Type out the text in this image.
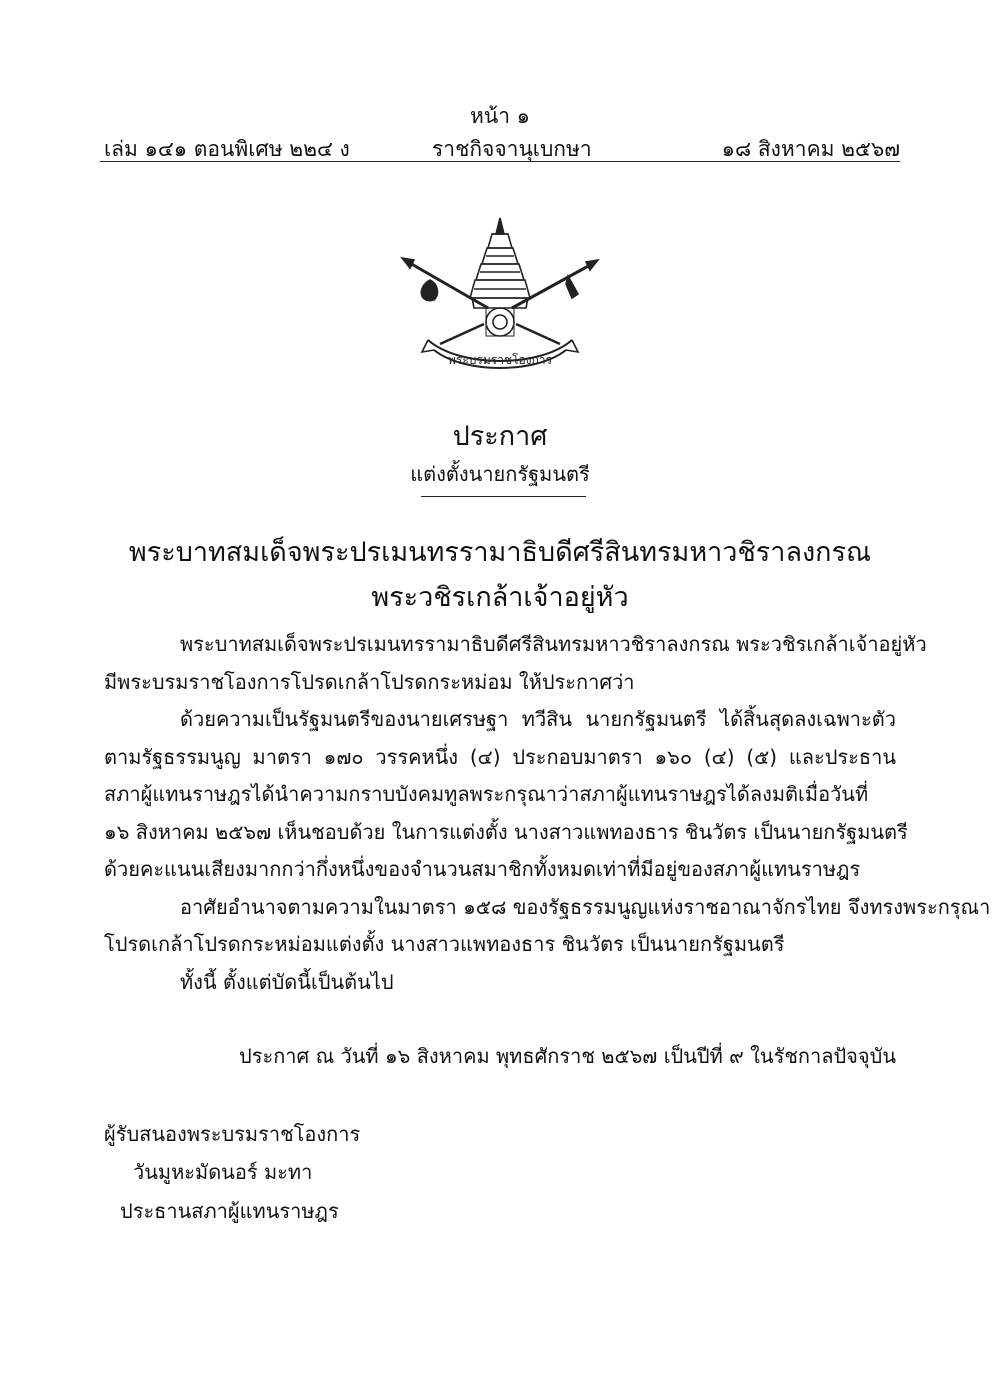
หน้า ๑
เล่ม ๑๔๑ ตอนพิเศษ ๒๒๔ ง	ราชกิจจานุเบกษา	๑๘ สิงหาคม ๒๕๖๗
พระบรมราชโองการ
ประกาศ
แต่งตั้งนายกรัฐมนตรี
พระบาทสมเด็จพระปรเมนทรรามาธิบดีศรีสินทรมหาวชิราลงกรณ
พระวชิรเกล้าเจ้าอยู่หัว
พระบาทสมเด็จพระปรเมนทรรามาธิบดีศรีสินทรมหาวชิราลงกรณ พระวชิรเกล้าเจ้าอยู่หัว
มีพระบรมราชโองการโปรดเกล้าโปรดกระหม่อม ให้ประกาศว่า
ด้วยความเป็นรัฐมนตรีของนายเศรษฐา ทวีสิน นายกรัฐมนตรี ได้สิ้นสุดลงเฉพาะตัว
ตามรัฐธรรมนูญ มาตรา ๑๗๐ วรรคหนึ่ง (๔) ประกอบมาตรา ๑๖๐ (๔) (๕) และประธาน
สภาผู้แทนราษฎรได้นำความกราบบังคมทูลพระกรุณาว่าสภาผู้แทนราษฎรได้ลงมติเมื่อวันที่
๑๖ สิงหาคม ๒๕๖๗ เห็นชอบด้วย ในการแต่งตั้ง นางสาวแพทองธาร ชินวัตร เป็นนายกรัฐมนตรี
ด้วยคะแนนเสียงมากกว่ากึ่งหนึ่งของจำนวนสมาชิกทั้งหมดเท่าที่มีอยู่ของสภาผู้แทนราษฎร
อาศัยอำนาจตามความในมาตรา ๑๕๘ ของรัฐธรรมนูญแห่งราชอาณาจักรไทย จึงทรงพระกรุณา
โปรดเกล้าโปรดกระหม่อมแต่งตั้ง นางสาวแพทองธาร ชินวัตร เป็นนายกรัฐมนตรี
ทั้งนี้ ตั้งแต่บัดนี้เป็นต้นไป
ประกาศ ณ วันที่ ๑๖ สิงหาคม พุทธศักราช ๒๕๖๗ เป็นปีที่ ๙ ในรัชกาลปัจจุบัน
ผู้รับสนองพระบรมราชโองการ
วันมูหะมัดนอร์ มะทา
ประธานสภาผู้แทนราษฎร
